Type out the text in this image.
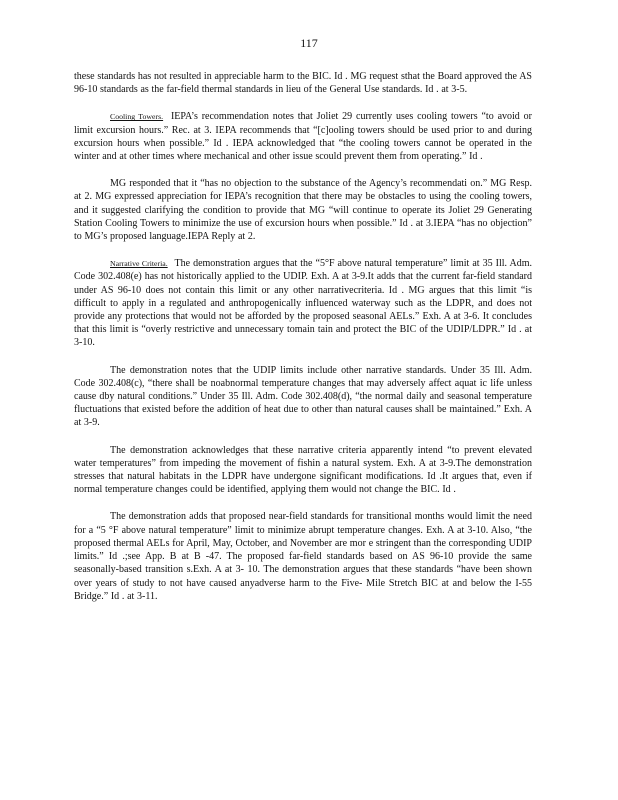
117

these standards has not resulted in appreciable harm to the BIC. Id . MG request sthat the Board approved the AS 96-10 standards as the far-field thermal standards in lieu of the General Use standards. Id . at 3-5.

Cooling Towers. IEPA’s recommendation notes that Joliet 29 currently uses cooling towers “to avoid or limit excursion hours.” Rec. at 3. IEPA recommends that “[c]ooling towers should be used prior to and during excursion hours when possible.” Id . IEPA acknowledged that “the cooling towers cannot be operated in the winter and at other times where mechanical and other issue scould prevent them from operating.” Id .

MG responded that it “has no objection to the substance of the Agency’s recommendati on.” MG Resp. at 2. MG expressed appreciation for IEPA’s recognition that there may be obstacles to using the cooling towers, and it suggested clarifying the condition to provide that MG “will continue to operate its Joliet 29 Generating Station Cooling Towers to minimize the use of excursion hours when possible.” Id . at 3.IEPA “has no objection” to MG’s proposed language.IEPA Reply at 2.

Narrative Criteria. The demonstration argues that the “5°F above natural temperature” limit at 35 Ill. Adm. Code 302.408(e) has not historically applied to the UDIP. Exh. A at 3-9.It adds that the current far-field standard under AS 96-10 does not contain this limit or any other narrativecriteria. Id . MG argues that this limit “is difficult to apply in a regulated and anthropogenically influenced waterway such as the LDPR, and does not provide any protections that would not be afforded by the proposed seasonal AELs.” Exh. A at 3-6. It concludes that this limit is “overly restrictive and unnecessary tomain tain and protect the BIC of the UDIP/LDPR.” Id . at 3-10.

The demonstration notes that the UDIP limits include other narrative standards. Under 35 Ill. Adm. Code 302.408(c), “there shall be noabnormal temperature changes that may adversely affect aquat ic life unless cause dby natural conditions.” Under 35 Ill. Adm. Code 302.408(d), “the normal daily and seasonal temperature fluctuations that existed before the addition of heat due to other than natural causes shall be maintained.” Exh. A at 3-9.

The demonstration acknowledges that these narrative criteria apparently intend “to prevent elevated water temperatures” from impeding the movement of fishin a natural system. Exh. A at 3-9.The demonstration stresses that natural habitats in the LDPR have undergone significant modifications. Id .It argues that, even if normal temperature changes could be identified, applying them would not change the BIC. Id .

The demonstration adds that proposed near-field standards for transitional months would limit the need for a “5 °F above natural temperature” limit to minimize abrupt temperature changes. Exh. A at 3-10. Also, “the proposed thermal AELs for April, May, October, and November are mor e stringent than the corresponding UDIP limits.” Id .;see App. B at B -47. The proposed far-field standards based on AS 96-10 provide the same seasonally-based transition s.Exh. A at 3- 10. The demonstration argues that these standards “have been shown over years of study to not have caused anyadverse harm to the Five- Mile Stretch BIC at and below the I-55 Bridge.” Id . at 3-11.
